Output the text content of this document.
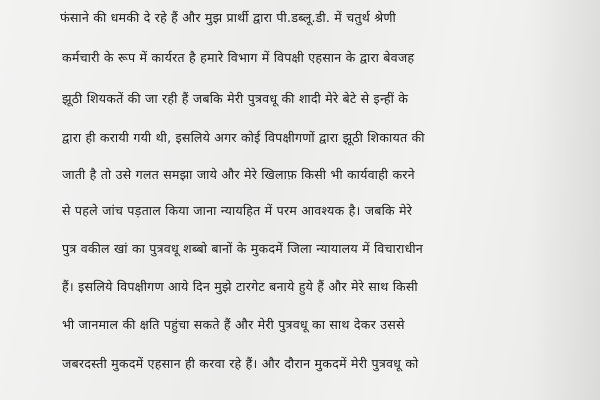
फंसाने की धमकी दे रहे हैं और मुझ प्रार्थी द्वारा पी.डब्लू.डी. में चतुर्थ श्रेणी
कर्मचारी के रूप में कार्यरत है हमारे विभाग में विपक्षी एहसान के द्वारा बेवजह
झूठी शियकतें की जा रही हैं जबकि मेरी पुत्रवधू की शादी मेरे बेटे से इन्हीं के
द्वारा ही करायी गयी थी, इसलिये अगर कोई विपक्षीगणों द्वारा झूठी शिकायत की
जाती है तो उसे गलत समझा जाये और मेरे खिलाफ़ किसी भी कार्यवाही करने
से पहले जांच पड़ताल किया जाना न्यायहित में परम आवश्यक है। जबकि मेरे
पुत्र वकील खां का पुत्रवधू शब्बो बानों के मुकदमें जिला न्यायालय में विचाराधीन
हैं। इसलिये विपक्षीगण आये दिन मुझे टारगेट बनाये हुये हैं और मेरे साथ किसी
भी जानमाल की क्षति पहुंचा सकते हैं और मेरी पुत्रवधू का साथ देकर उससे
जबरदस्ती मुकदमें एहसान ही करवा रहे हैं। और दौरान मुकदमें मेरी पुत्रवधू को
